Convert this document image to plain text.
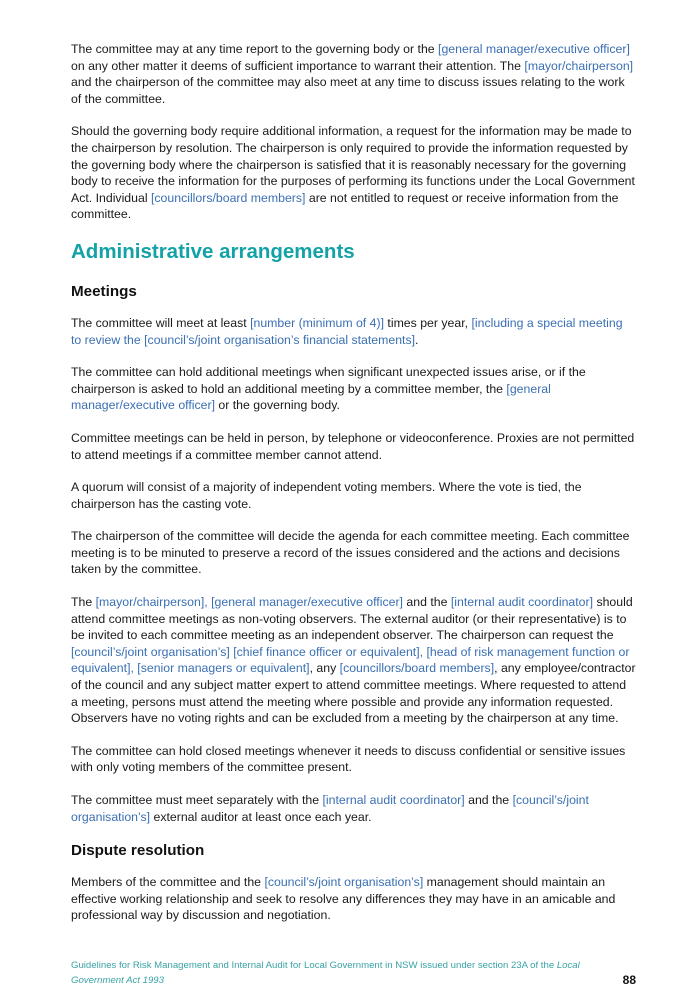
The committee may at any time report to the governing body or the [general manager/executive officer] on any other matter it deems of sufficient importance to warrant their attention. The [mayor/chairperson] and the chairperson of the committee may also meet at any time to discuss issues relating to the work of the committee.

Should the governing body require additional information, a request for the information may be made to the chairperson by resolution. The chairperson is only required to provide the information requested by the governing body where the chairperson is satisfied that it is reasonably necessary for the governing body to receive the information for the purposes of performing its functions under the Local Government Act. Individual [councillors/board members] are not entitled to request or receive information from the committee.

Administrative arrangements
Meetings

The committee will meet at least [number (minimum of 4)] times per year, [including a special meeting to review the [council’s/joint organisation’s financial statements].

The committee can hold additional meetings when significant unexpected issues arise, or if the chairperson is asked to hold an additional meeting by a committee member, the [general manager/executive officer] or the governing body.

Committee meetings can be held in person, by telephone or videoconference. Proxies are not permitted to attend meetings if a committee member cannot attend.

A quorum will consist of a majority of independent voting members. Where the vote is tied, the chairperson has the casting vote.

The chairperson of the committee will decide the agenda for each committee meeting. Each committee meeting is to be minuted to preserve a record of the issues considered and the actions and decisions taken by the committee.

The [mayor/chairperson], [general manager/executive officer] and the [internal audit coordinator] should attend committee meetings as non-voting observers. The external auditor (or their representative) is to be invited to each committee meeting as an independent observer. The chairperson can request the [council’s/joint organisation’s] [chief finance officer or equivalent], [head of risk management function or equivalent], [senior managers or equivalent], any [councillors/board members], any employee/contractor of the council and any subject matter expert to attend committee meetings. Where requested to attend a meeting, persons must attend the meeting where possible and provide any information requested. Observers have no voting rights and can be excluded from a meeting by the chairperson at any time.

The committee can hold closed meetings whenever it needs to discuss confidential or sensitive issues with only voting members of the committee present.

The committee must meet separately with the [internal audit coordinator] and the [council’s/joint organisation’s] external auditor at least once each year.

Dispute resolution

Members of the committee and the [council’s/joint organisation’s] management should maintain an effective working relationship and seek to resolve any differences they may have in an amicable and professional way by discussion and negotiation.

Guidelines for Risk Management and Internal Audit for Local Government in NSW issued under section 23A of the Local Government Act 1993	88
